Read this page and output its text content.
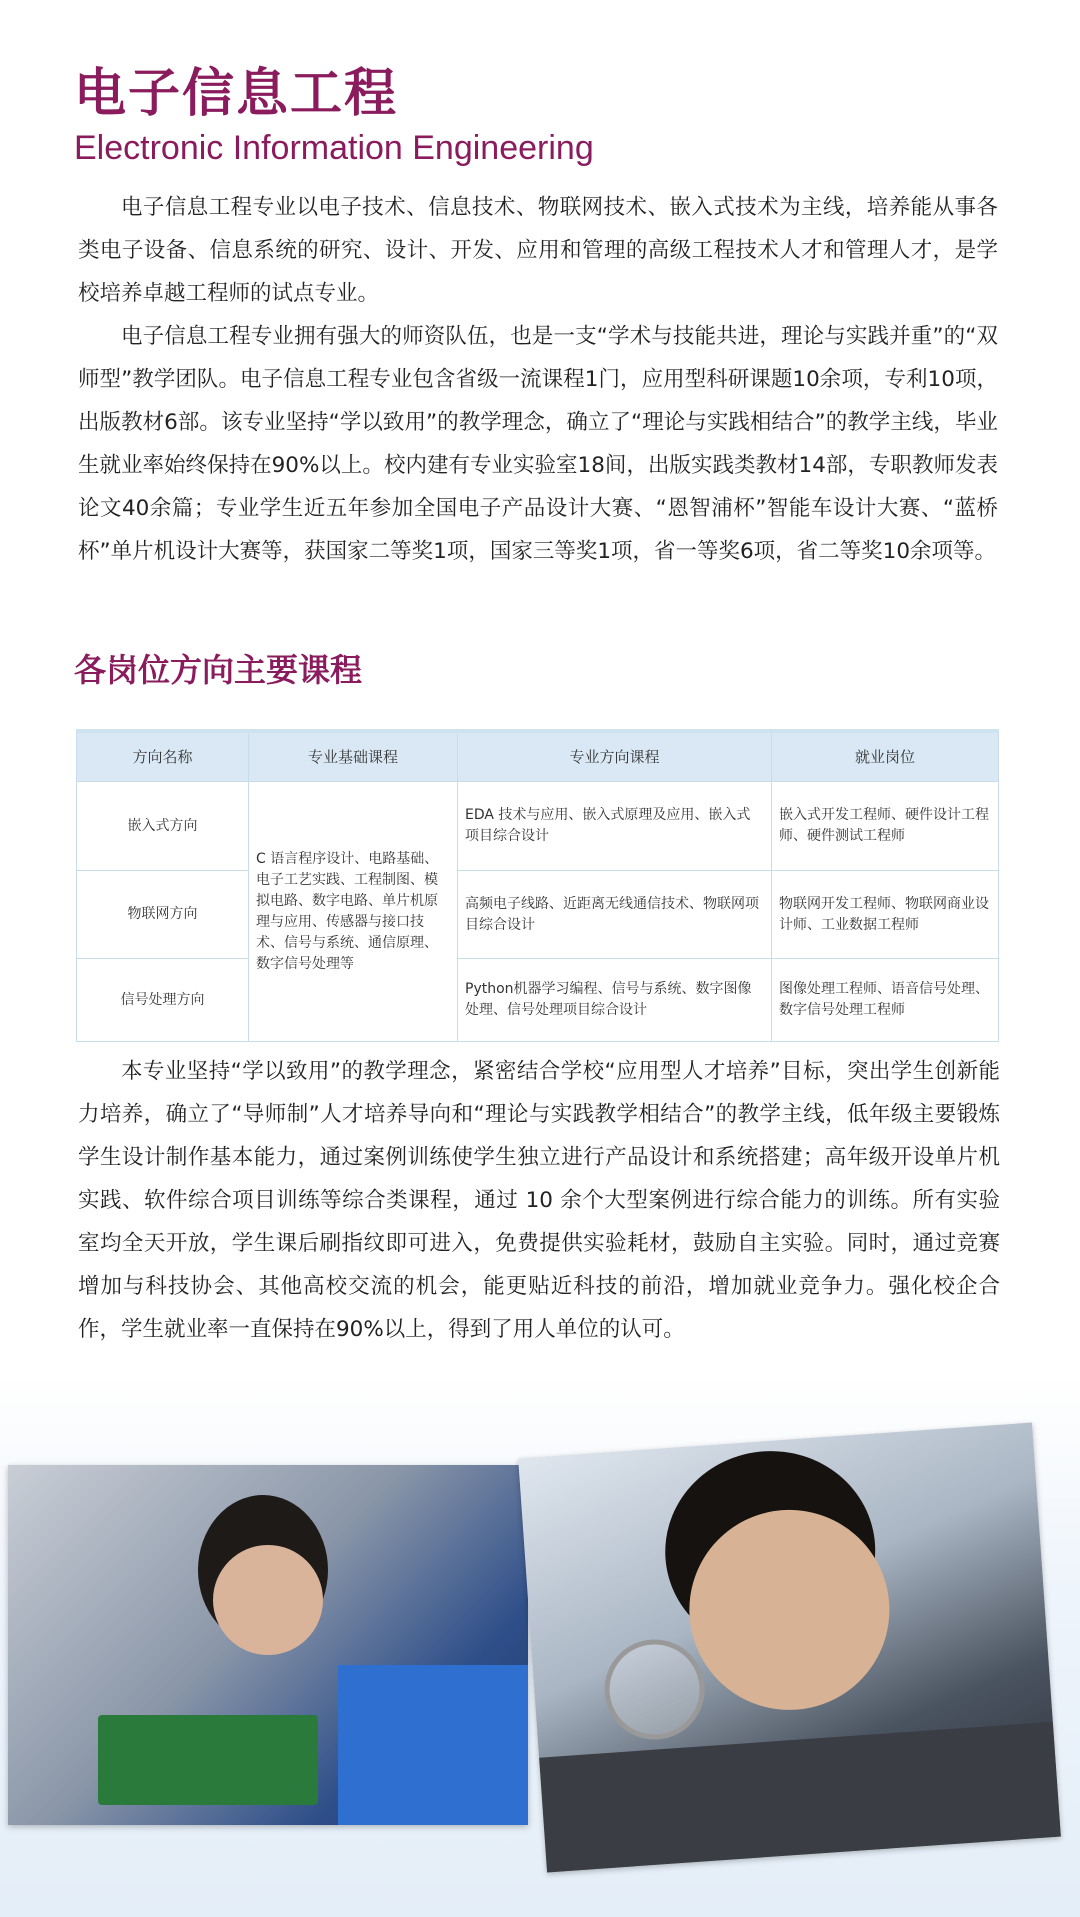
电子信息工程
Electronic Information Engineering

电子信息工程专业以电子技术、信息技术、物联网技术、嵌入式技术为主线，培养能从事各类电子设备、信息系统的研究、设计、开发、应用和管理的高级工程技术人才和管理人才，是学校培养卓越工程师的试点专业。

电子信息工程专业拥有强大的师资队伍，也是一支“学术与技能共进，理论与实践并重”的“双师型”教学团队。电子信息工程专业包含省级一流课程1门，应用型科研课题10余项，专利10项，出版教材6部。该专业坚持“学以致用”的教学理念，确立了“理论与实践相结合”的教学主线，毕业生就业率始终保持在90%以上。校内建有专业实验室18间，出版实践类教材14部，专职教师发表论文40余篇；专业学生近五年参加全国电子产品设计大赛、“恩智浦杯”智能车设计大赛、“蓝桥杯”单片机设计大赛等，获国家二等奖1项，国家三等奖1项，省一等奖6项，省二等奖10余项等。

各岗位方向主要课程
方向名称	专业基础课程	专业方向课程	就业岗位
嵌入式方向	C 语言程序设计、电路基础、电子工艺实践、工程制图、模拟电路、数字电路、单片机原理与应用、传感器与接口技术、信号与系统、通信原理、数字信号处理等	EDA 技术与应用、嵌入式原理及应用、嵌入式项目综合设计	嵌入式开发工程师、硬件设计工程师、硬件测试工程师
物联网方向		高频电子线路、近距离无线通信技术、物联网项目综合设计	物联网开发工程师、物联网商业设计师、工业数据工程师
信号处理方向		Python机器学习编程、信号与系统、数字图像处理、信号处理项目综合设计	图像处理工程师、语音信号处理、数字信号处理工程师

本专业坚持“学以致用”的教学理念，紧密结合学校“应用型人才培养”目标，突出学生创新能力培养，确立了“导师制”人才培养导向和“理论与实践教学相结合”的教学主线，低年级主要锻炼学生设计制作基本能力，通过案例训练使学生独立进行产品设计和系统搭建；高年级开设单片机实践、软件综合项目训练等综合类课程，通过 10 余个大型案例进行综合能力的训练。所有实验室均全天开放，学生课后刷指纹即可进入，免费提供实验耗材，鼓励自主实验。同时，通过竞赛增加与科技协会、其他高校交流的机会，能更贴近科技的前沿，增加就业竞争力。强化校企合作，学生就业率一直保持在90%以上，得到了用人单位的认可。
